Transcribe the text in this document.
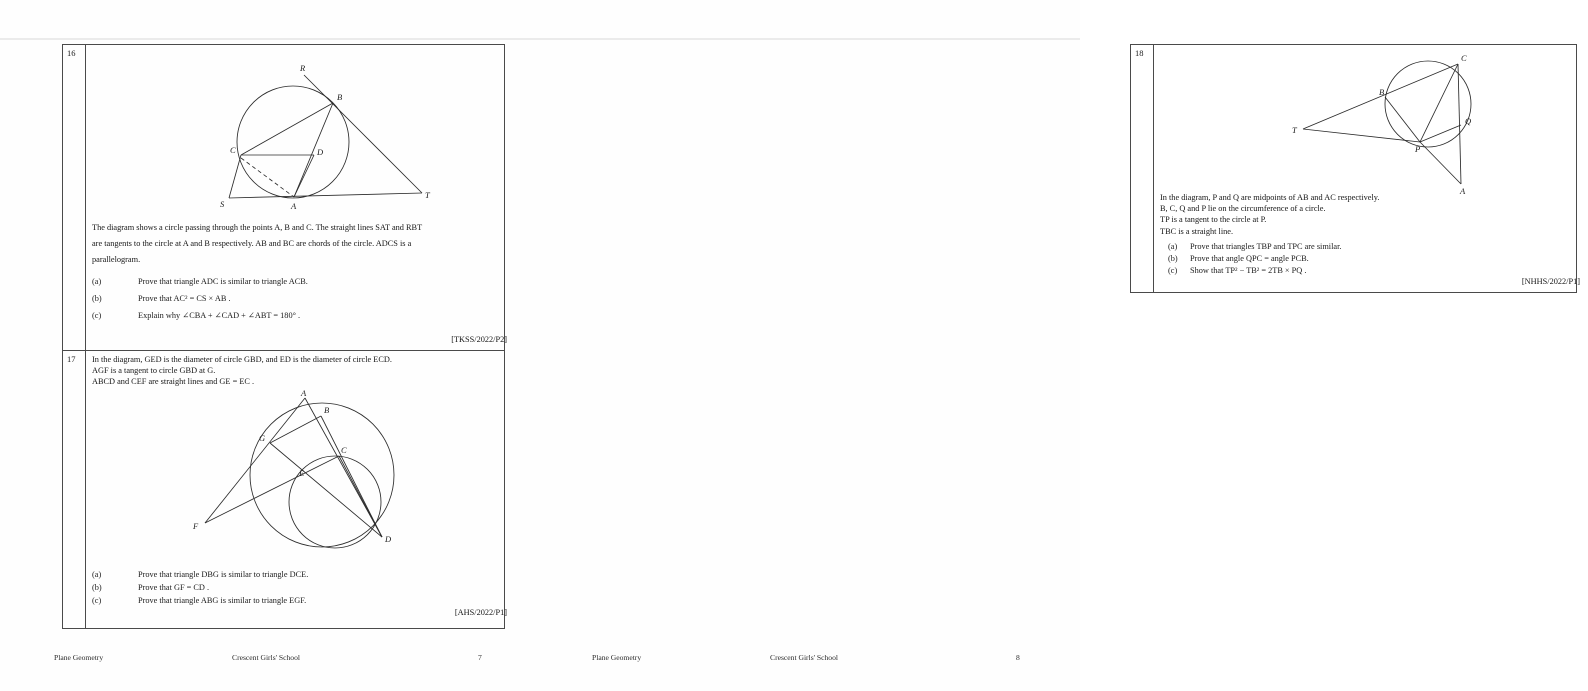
16
R
B
C	D
S	A
T

The diagram shows a circle passing through the points A, B and C. The straight lines SAT and RBT

are tangents to the circle at A and B respectively. AB and BC are chords of the circle. ADCS is a

parallelogram.

(a)	Prove that triangle ADC is similar to triangle ACB.
(b)	Prove that AC² = CS × AB .
(c)	Explain why ∠CBA + ∠CAD + ∠ABT = 180° .
[TKSS/2022/P2]
17	In the diagram, GED is the diameter of circle GBD, and ED is the diameter of circle ECD.

AGF is a tangent to circle GBD at G.

ABCD and CEF are straight lines and GE = EC .

A
B
G
C
E
F
D
(a)	Prove that triangle DBG is similar to triangle DCE.
(b)	Prove that GF = CD .
(c)	Prove that triangle ABG is similar to triangle EGF.
[AHS/2022/P1]
Plane Geometry	Crescent Girls' School	7
18
T
B
C
Q
P
A

In the diagram, P and Q are midpoints of AB and AC respectively.

B, C, Q and P lie on the circumference of a circle.

TP is a tangent to the circle at P.

TBC is a straight line.

(a) Prove that triangles TBP and TPC are similar.
(b) Prove that angle QPC = angle PCB.
(c) Show that TP² − TB² = 2TB × PQ .
[NHHS/2022/P1]
Plane Geometry	Crescent Girls' School	8
